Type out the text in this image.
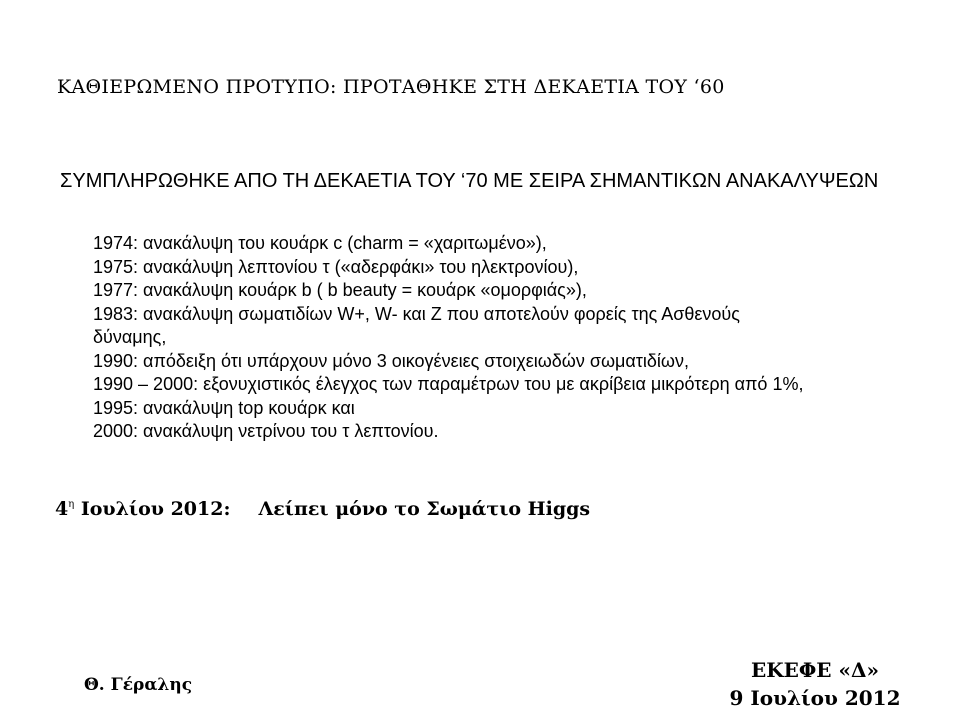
ΚΑΘΙΕΡΩΜΕΝΟ ΠΡΟΤΥΠΟ: ΠΡΟΤΑΘΗΚΕ ΣΤΗ ΔΕΚΑΕΤΙΑ ΤΟΥ ‘60
ΣΥΜΠΛΗΡΩΘΗΚΕ ΑΠΟ ΤΗ ΔΕΚΑΕΤΙΑ ΤΟΥ ‘70 ΜΕ ΣΕΙΡΑ ΣΗΜΑΝΤΙΚΩΝ ΑΝΑΚΑΛΥΨΕΩΝ
1974: ανακάλυψη του κουάρκ c (charm = «χαριτωμένο»),
1975: ανακάλυψη λεπτονίου τ («αδερφάκι» του ηλεκτρονίου),
1977: ανακάλυψη κουάρκ b ( b beauty = κουάρκ «ομορφιάς»),
1983: ανακάλυψη σωματιδίων W+, W- και Z που αποτελούν φορείς της Ασθενούς
δύναμης,
1990: απόδειξη ότι υπάρχουν μόνο 3 οικογένειες στοιχειωδών σωματιδίων,
1990 – 2000: εξονυχιστικός έλεγχος των παραμέτρων του με ακρίβεια μικρότερη από 1%,
1995: ανακάλυψη top κουάρκ και
2000: ανακάλυψη νετρίνου του τ λεπτονίου.
$4^\eta$ Ιουλίου 2012: Λείπει μόνο το Σωμάτιο Higgs
Θ. Γέραλης
ΕΚΕΦΕ «Δ»
9 Ιουλίου 2012
